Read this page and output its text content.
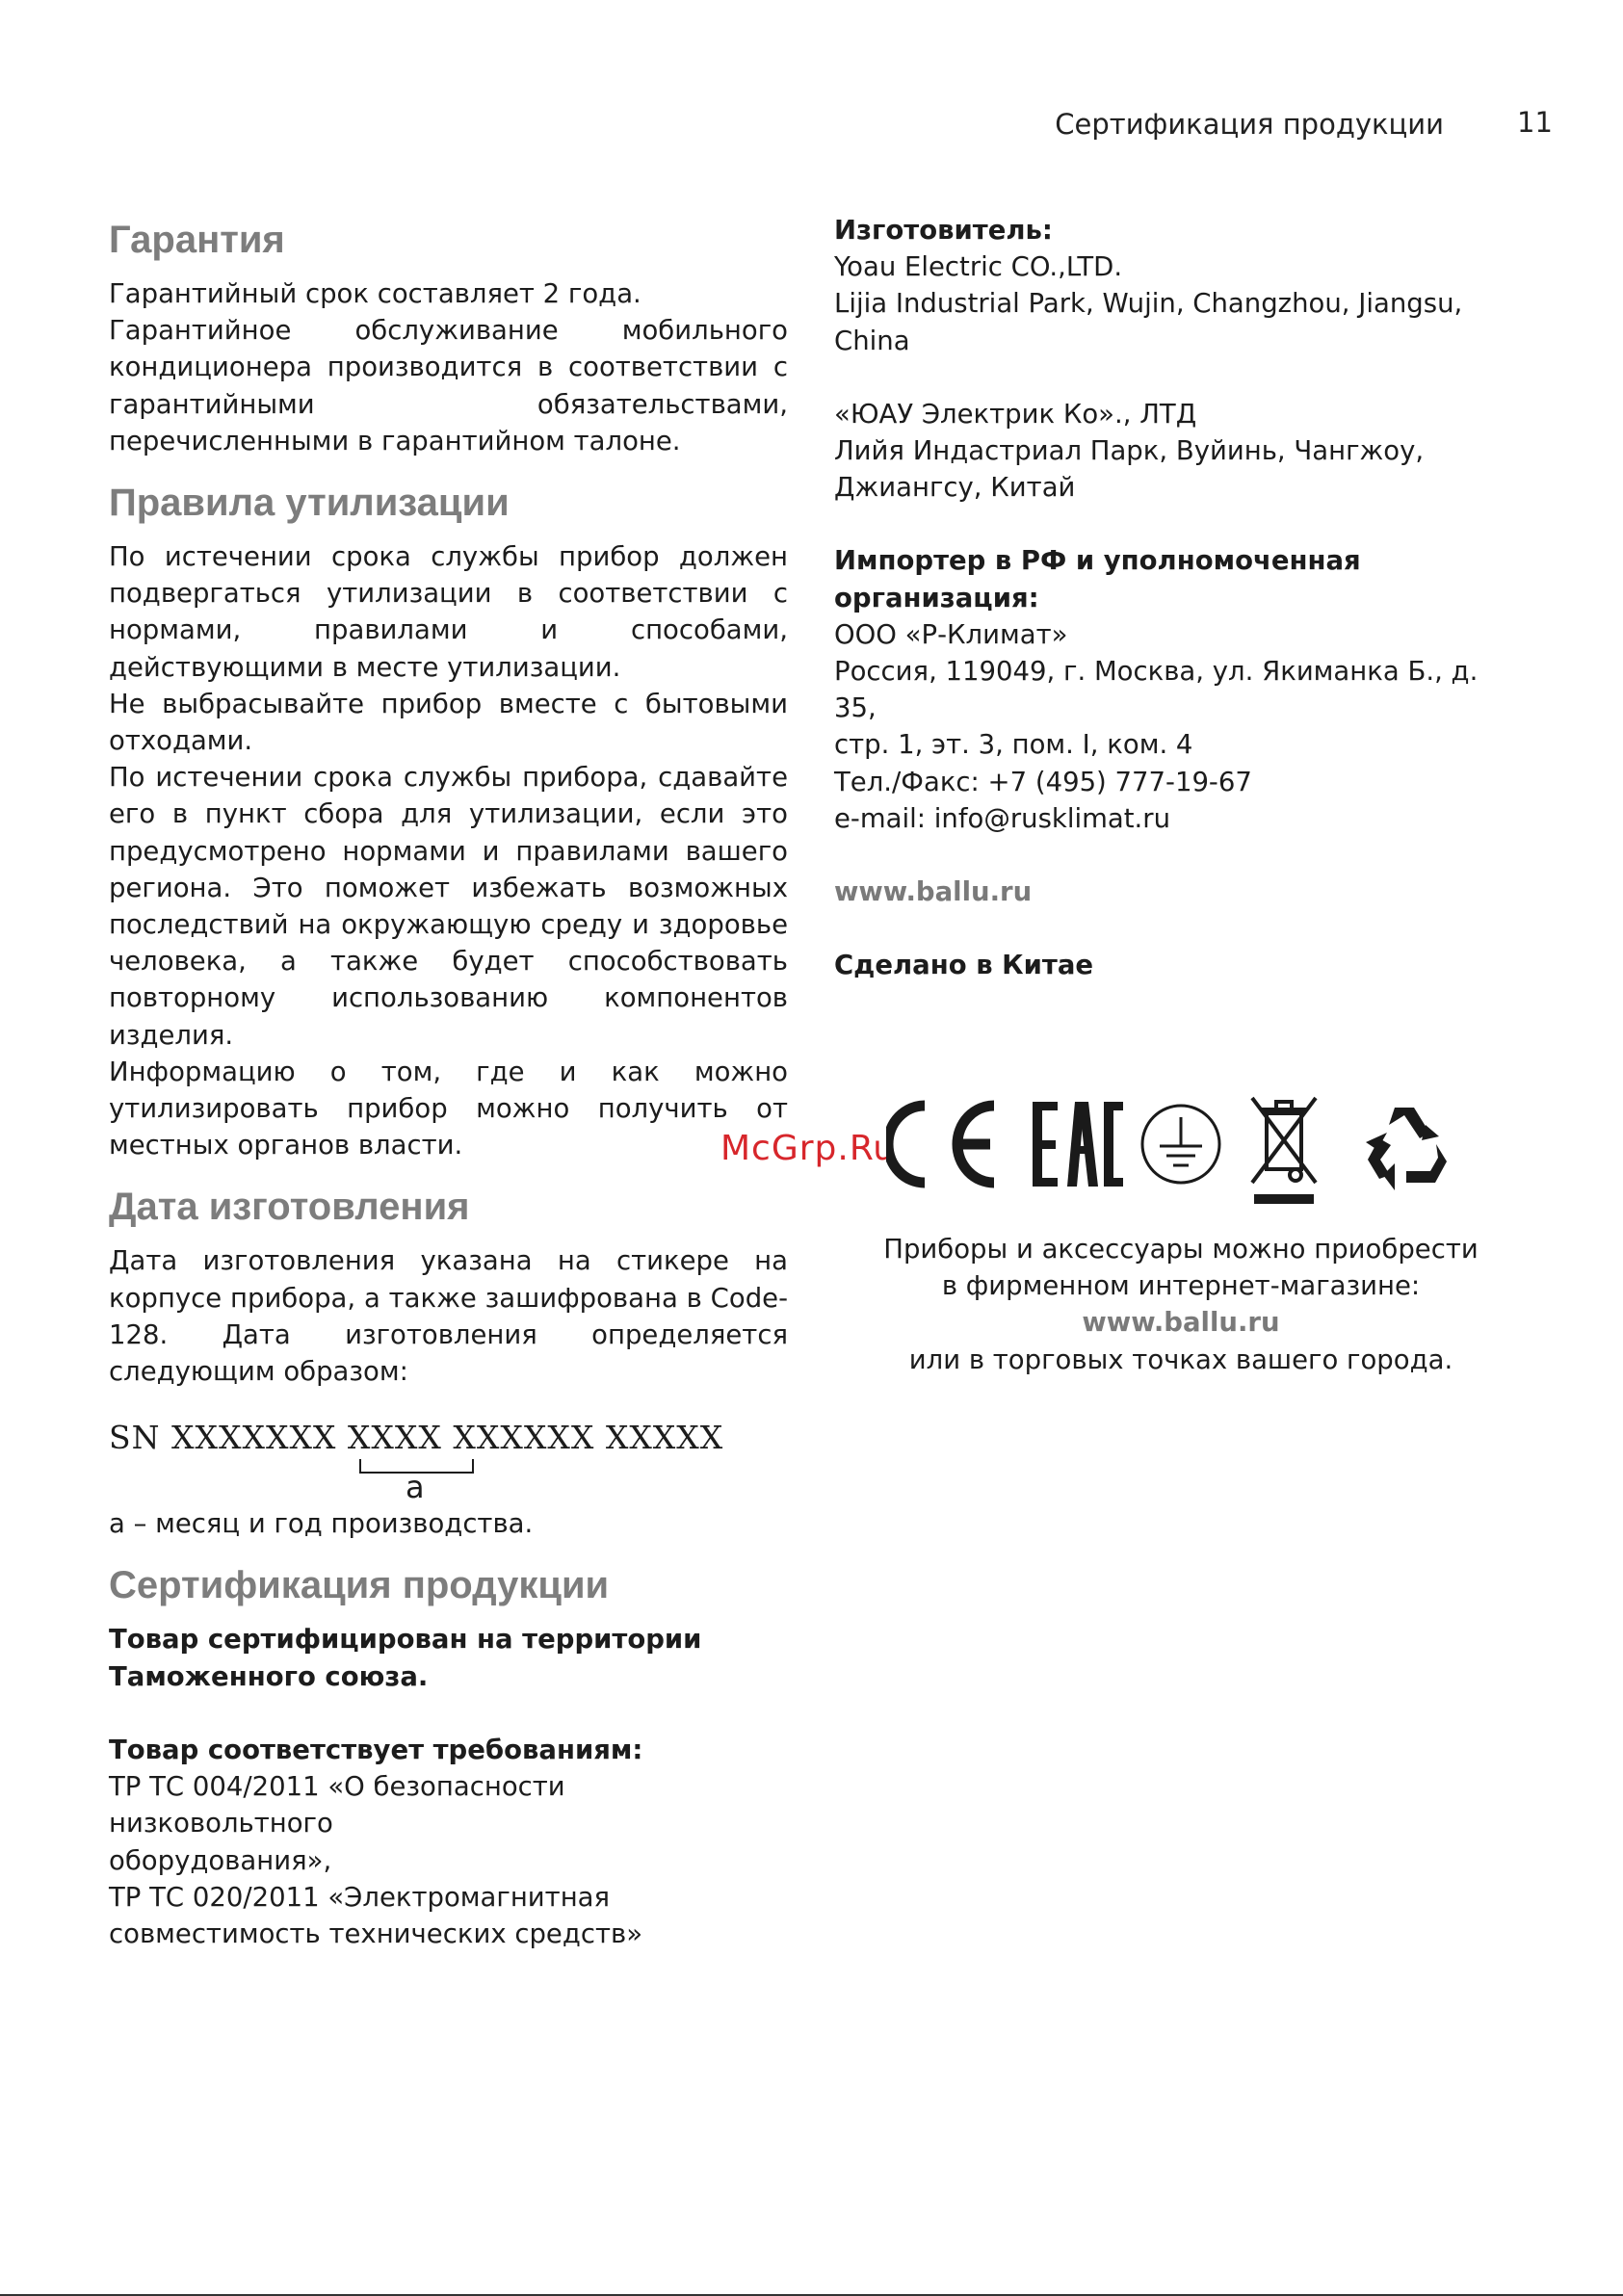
Сертификация продукции	11
Гарантия

Гарантийный срок составляет 2 года.

Гарантийное обслуживание мобильного кондиционера производится в соответствии с гарантийными обязательствами, перечисленными в гарантийном талоне.

Правила утилизации

По истечении срока службы прибор должен подвергаться утилизации в соответствии с нормами, правилами и способами, действующими в месте утилизации.

Не выбрасывайте прибор вместе с бытовыми отходами.

По истечении срока службы прибора, сдавайте его в пункт сбора для утилизации, если это предусмотрено нормами и правилами вашего региона. Это поможет избежать возможных последствий на окружающую среду и здоровье человека, а также будет способствовать повторному использованию компонентов изделия.

Информацию о том, где и как можно утилизировать прибор можно получить от местных органов власти.

Дата изготовления

Дата изготовления указана на стикере на корпусе прибора, а также зашифрована в Code-128. Дата изготовления определяется следующим образом:

SN XXXXXXX XXXX XXXXXX XXXXX
a

а – месяц и год производства.

Сертификация продукции

Товар сертифицирован на территории
Таможенного союза.

Товар соответствует требованиям:

ТР ТС 004/2011 «О безопасности низковольтного
оборудования»,

ТР ТС 020/2011 «Электромагнитная
совместимость технических средств»

Изготовитель:

Yoau Electric CO.,LTD.

Lijia Industrial Park, Wujin, Changzhou, Jiangsu,
China

«ЮАУ Электрик Ко»., ЛТД

Лийя Индастриал Парк, Вуйинь, Чангжоу,
Джиангсу, Китай

Импортер в РФ и уполномоченная
организация:

ООО «Р-Климат»

Россия, 119049, г. Москва, ул. Якиманка Б., д. 35,
стр. 1, эт. 3, пом. I, ком. 4

Тел./Факс: +7 (495) 777-19-67

e-mail: info@rusklimat.ru

www.ballu.ru

Сделано в Китае

McGrp.Ru
Приборы и аксессуары можно приобрести
в фирменном интернет-магазине:
www.ballu.ru
или в торговых точках вашего города.
